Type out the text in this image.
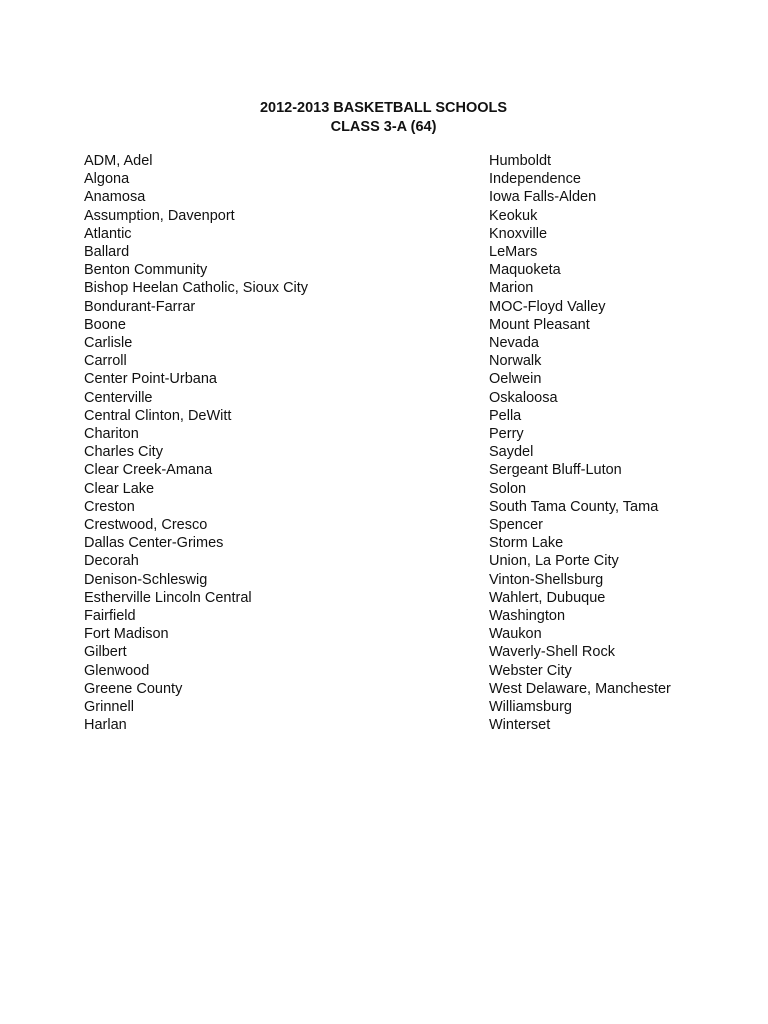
2012-2013 BASKETBALL SCHOOLS
CLASS 3-A (64)
ADM, Adel
Algona
Anamosa
Assumption, Davenport
Atlantic
Ballard
Benton Community
Bishop Heelan Catholic, Sioux City
Bondurant-Farrar
Boone
Carlisle
Carroll
Center Point-Urbana
Centerville
Central Clinton, DeWitt
Chariton
Charles City
Clear Creek-Amana
Clear Lake
Creston
Crestwood, Cresco
Dallas Center-Grimes
Decorah
Denison-Schleswig
Estherville Lincoln Central
Fairfield
Fort Madison
Gilbert
Glenwood
Greene County
Grinnell
Harlan
Humboldt
Independence
Iowa Falls-Alden
Keokuk
Knoxville
LeMars
Maquoketa
Marion
MOC-Floyd Valley
Mount Pleasant
Nevada
Norwalk
Oelwein
Oskaloosa
Pella
Perry
Saydel
Sergeant Bluff-Luton
Solon
South Tama County, Tama
Spencer
Storm Lake
Union, La Porte City
Vinton-Shellsburg
Wahlert, Dubuque
Washington
Waukon
Waverly-Shell Rock
Webster City
West Delaware, Manchester
Williamsburg
Winterset
